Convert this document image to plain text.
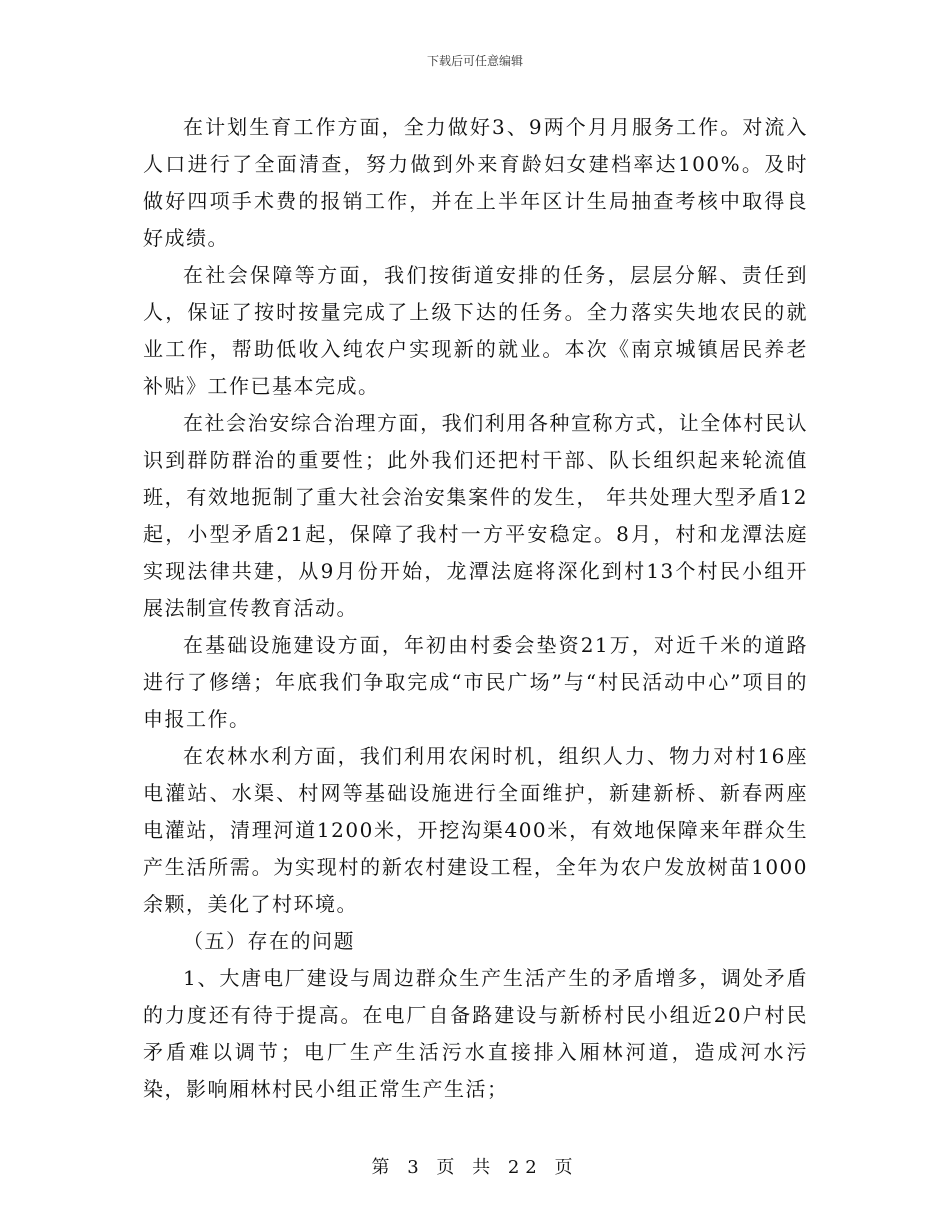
下载后可任意编辑

在计划生育工作方面，全力做好3、9两个月月服务工作。对流入人口进行了全面清查，努力做到外来育龄妇女建档率达100%。及时做好四项手术费的报销工作，并在上半年区计生局抽查考核中取得良好成绩。

在社会保障等方面，我们按街道安排的任务，层层分解、责任到人，保证了按时按量完成了上级下达的任务。全力落实失地农民的就业工作，帮助低收入纯农户实现新的就业。本次《南京城镇居民养老补贴》工作已基本完成。

在社会治安综合治理方面，我们利用各种宣称方式，让全体村民认识到群防群治的重要性；此外我们还把村干部、队长组织起来轮流值班，有效地扼制了重大社会治安集案件的发生， 年共处理大型矛盾12起，小型矛盾21起，保障了我村一方平安稳定。8月，村和龙潭法庭实现法律共建，从9月份开始，龙潭法庭将深化到村13个村民小组开展法制宣传教育活动。

在基础设施建设方面，年初由村委会垫资21万，对近千米的道路进行了修缮；年底我们争取完成“市民广场”与“村民活动中心”项目的申报工作。

在农林水利方面，我们利用农闲时机，组织人力、物力对村16座电灌站、水渠、村网等基础设施进行全面维护，新建新桥、新春两座电灌站，清理河道1200米，开挖沟渠400米，有效地保障来年群众生产生活所需。为实现村的新农村建设工程，全年为农户发放树苗1000余颗，美化了村环境。

（五）存在的问题

1、大唐电厂建设与周边群众生产生活产生的矛盾增多，调处矛盾的力度还有待于提高。在电厂自备路建设与新桥村民小组近20户村民矛盾难以调节；电厂生产生活污水直接排入厢林河道，造成河水污染，影响厢林村民小组正常生产生活；

第 3 页 共 22 页
